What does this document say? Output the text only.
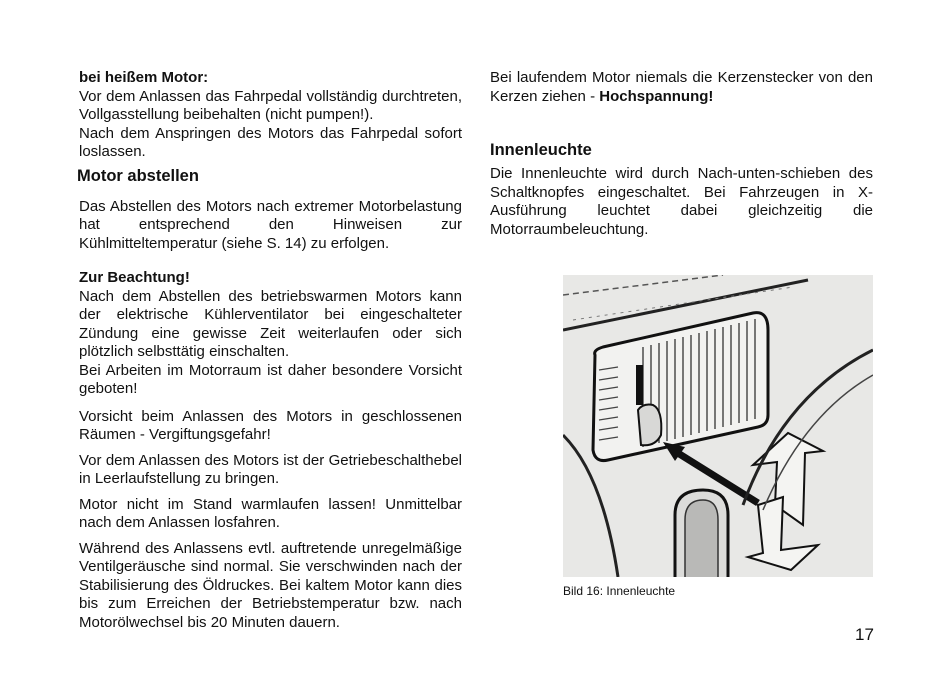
bei heißem Motor:

Vor dem Anlassen das Fahrpedal vollständig durchtreten, Vollgasstellung beibehalten (nicht pumpen!).

Nach dem Anspringen des Motors das Fahrpedal sofort loslassen.

Motor abstellen

Das Abstellen des Motors nach extremer Motorbelastung hat entsprechend den Hinweisen zur Kühlmitteltemperatur (siehe S. 14) zu erfolgen.

Zur Beachtung!

Nach dem Abstellen des betriebswarmen Motors kann der elektrische Kühlerventilator bei eingeschalteter Zündung eine gewisse Zeit weiterlaufen oder sich plötzlich selbsttätig einschalten.

Bei Arbeiten im Motorraum ist daher besondere Vorsicht geboten!

Vorsicht beim Anlassen des Motors in geschlossenen Räumen - Vergiftungsgefahr!

Vor dem Anlassen des Motors ist der Getriebeschalthebel in Leerlaufstellung zu bringen.

Motor nicht im Stand warmlaufen lassen! Unmittelbar nach dem Anlassen losfahren.

Während des Anlassens evtl. auftretende unregelmäßige Ventilgeräusche sind normal. Sie verschwinden nach der Stabilisierung des Öldruckes. Bei kaltem Motor kann dies bis zum Erreichen der Betriebstemperatur bzw. nach Motorölwechsel bis 20 Minuten dauern.

Bei laufendem Motor niemals die Kerzenstecker von den Kerzen ziehen - Hochspannung!

Innenleuchte

Die Innenleuchte wird durch Nach-unten-schieben des Schaltknopfes eingeschaltet. Bei Fahrzeugen in X-Ausführung leuchtet dabei gleichzeitig die Motorraumbeleuchtung.

Bild 16: Innenleuchte
17
